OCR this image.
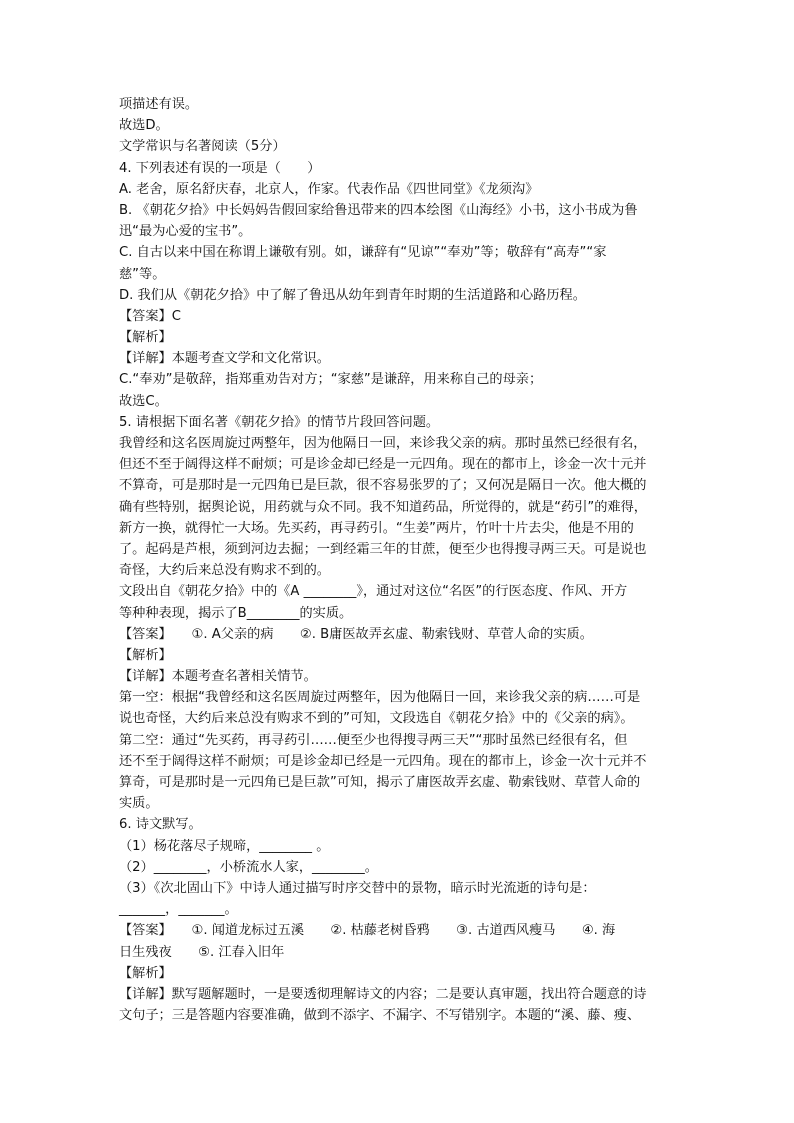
项描述有误。
故选D。
文学常识与名著阅读（5分）
4. 下列表述有误的一项是（　　）
A. 老舍，原名舒庆春，北京人，作家。代表作品《四世同堂》《龙须沟》
B. 《朝花夕拾》中长妈妈告假回家给鲁迅带来的四本绘图《山海经》小书，这小书成为鲁
迅“最为心爱的宝书”。
C. 自古以来中国在称谓上谦敬有别。如，谦辞有“见谅”“奉劝”等；敬辞有“高寿”“家
慈”等。
D. 我们从《朝花夕拾》中了解了鲁迅从幼年到青年时期的生活道路和心路历程。
【答案】C
【解析】
【详解】本题考查文学和文化常识。
C.“奉劝”是敬辞，指郑重劝告对方；“家慈”是谦辞，用来称自己的母亲；
故选C。
5. 请根据下面名著《朝花夕拾》的情节片段回答问题。
我曾经和这名医周旋过两整年，因为他隔日一回，来诊我父亲的病。那时虽然已经很有名，
但还不至于阔得这样不耐烦；可是诊金却已经是一元四角。现在的都市上，诊金一次十元并
不算奇，可是那时是一元四角已是巨款，很不容易张罗的了；又何况是隔日一次。他大概的
确有些特别，据舆论说，用药就与众不同。我不知道药品，所觉得的，就是“药引”的难得，
新方一换，就得忙一大场。先买药，再寻药引。“生姜”两片，竹叶十片去尖，他是不用的
了。起码是芦根，须到河边去掘；一到经霜三年的甘蔗，便至少也得搜寻两三天。可是说也
奇怪，大约后来总没有购求不到的。
文段出自《朝花夕拾》中的《A ________》，通过对这位“名医”的行医态度、作风、开方
等种种表现，揭示了B________的实质。
【答案】　　①. A父亲的病　　②. B庸医故弄玄虚、勒索钱财、草菅人命的实质。
【解析】
【详解】本题考查名著相关情节。
第一空：根据“我曾经和这名医周旋过两整年，因为他隔日一回，来诊我父亲的病……可是
说也奇怪，大约后来总没有购求不到的”可知，文段选自《朝花夕拾》中的《父亲的病》。
第二空：通过“先买药，再寻药引……便至少也得搜寻两三天”“那时虽然已经很有名，但
还不至于阔得这样不耐烦；可是诊金却已经是一元四角。现在的都市上，诊金一次十元并不
算奇，可是那时是一元四角已是巨款”可知，揭示了庸医故弄玄虚、勒索钱财、草菅人命的
实质。
6. 诗文默写。
（1）杨花落尽子规啼，________ 。
（2）________，小桥流水人家，________。
（3）《次北固山下》中诗人通过描写时序交替中的景物，暗示时光流逝的诗句是：
_______，_______。
【答案】　　①. 闻道龙标过五溪　　②. 枯藤老树昏鸦　　③. 古道西风瘦马　　④. 海
日生残夜　　⑤. 江春入旧年
【解析】
【详解】默写题解题时，一是要透彻理解诗文的内容；二是要认真审题，找出符合题意的诗
文句子；三是答题内容要准确，做到不添字、不漏字、不写错别字。本题的“溪、藤、瘦、
